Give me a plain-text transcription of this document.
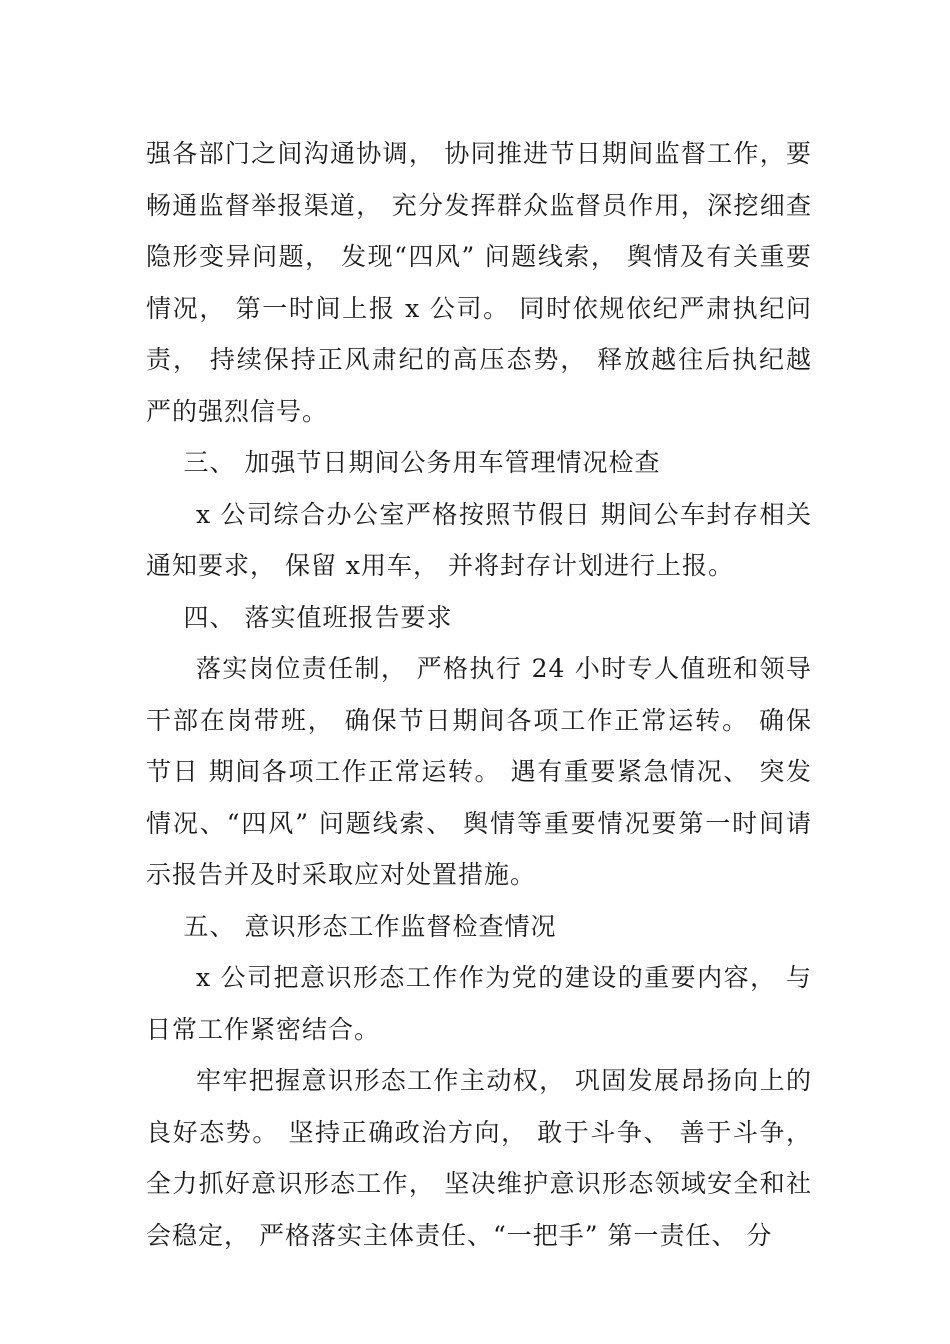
强各部门之间沟通协调， 协同推进节日期间监督工作，要畅通监督举报渠道， 充分发挥群众监督员作用，深挖细查隐形变异问题， 发现“四风” 问题线索， 舆情及有关重要情况， 第一时间上报 x 公司。 同时依规依纪严肃执纪问责， 持续保持正风肃纪的高压态势， 释放越往后执纪越严的强烈信号。

三、 加强节日期间公务用车管理情况检查

x 公司综合办公室严格按照节假日 期间公车封存相关通知要求， 保留 x用车， 并将封存计划进行上报。

四、 落实值班报告要求

落实岗位责任制， 严格执行 24 小时专人值班和领导干部在岗带班， 确保节日期间各项工作正常运转。 确保节日 期间各项工作正常运转。 遇有重要紧急情况、 突发情况、“四风” 问题线索、 舆情等重要情况要第一时间请示报告并及时采取应对处置措施。

五、 意识形态工作监督检查情况

x 公司把意识形态工作作为党的建设的重要内容， 与日常工作紧密结合。

牢牢把握意识形态工作主动权， 巩固发展昂扬向上的良好态势。 坚持正确政治方向， 敢于斗争、 善于斗争，全力抓好意识形态工作， 坚决维护意识形态领域安全和社会稳定， 严格落实主体责任、“一把手” 第一责任、 分
